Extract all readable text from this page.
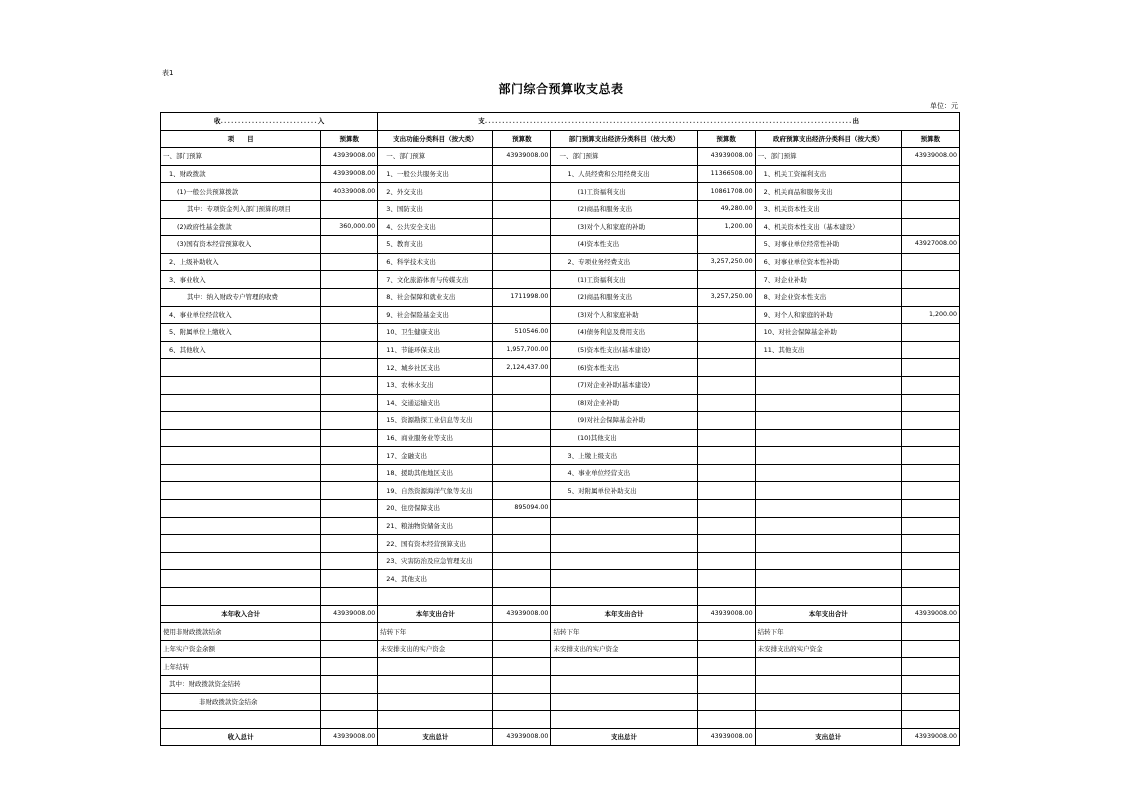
表1
部门综合预算收支总表
单位：元
收............................入		支..........................................................................................................出					
项　　目	预算数	支出功能分类科目（按大类）	预算数	部门预算支出经济分类科目（按大类）	预算数	政府预算支出经济分类科目（按大类）	预算数
一、部门预算	43939008.00	一、部门预算	43939008.00	一、部门预算	43939008.00	一、部门预算	43939008.00
1、财政拨款	43939008.00	1、一般公共服务支出		1、人员经费和公用经费支出	11366508.00	1、机关工资福利支出	
(1)一般公共预算拨款	40339008.00	2、外交支出		(1)工资福利支出	10861708.00	2、机关商品和服务支出	
其中：专项资金列入部门预算的项目		3、国防支出		(2)商品和服务支出	49,280.00	3、机关资本性支出	
(2)政府性基金拨款	360,000.00	4、公共安全支出		(3)对个人和家庭的补助	1,200.00	4、机关资本性支出（基本建设）	
(3)国有资本经营预算收入		5、教育支出		(4)资本性支出		5、对事业单位经常性补助	43927008.00
2、上级补助收入		6、科学技术支出		2、专项业务经费支出	3,257,250.00	6、对事业单位资本性补助	
3、事业收入		7、文化旅游体育与传媒支出		(1)工资福利支出		7、对企业补助	
其中：纳入财政专户管理的收费		8、社会保障和就业支出	1711998.00	(2)商品和服务支出	3,257,250.00	8、对企业资本性支出	
4、事业单位经营收入		9、社会保险基金支出		(3)对个人和家庭补助		9、对个人和家庭的补助	1,200.00
5、附属单位上缴收入		10、卫生健康支出	510546.00	(4)债务利息及费用支出		10、对社会保障基金补助	
6、其他收入		11、节能环保支出	1,957,700.00	(5)资本性支出(基本建设)		11、其他支出	
		12、城乡社区支出	2,124,437.00	(6)资本性支出			
		13、农林水支出		(7)对企业补助(基本建设)			
		14、交通运输支出		(8)对企业补助			
		15、资源勘探工业信息等支出		(9)对社会保障基金补助			
		16、商业服务业等支出		(10)其他支出			
		17、金融支出		3、上缴上级支出			
		18、援助其他地区支出		4、事业单位经营支出			
		19、自然资源海洋气象等支出		5、对附属单位补助支出			
		20、住房保障支出	895094.00				
		21、粮油物资储备支出					
		22、国有资本经营预算支出					
		23、灾害防治及应急管理支出					
		24、其他支出					

本年收入合计	43939008.00	本年支出合计	43939008.00	本年支出合计	43939008.00	本年支出合计	43939008.00
使用非财政拨款结余		结转下年		结转下年		结转下年	
上年实户资金余额		未安排支出的实户资金		未安排支出的实户资金		未安排支出的实户资金	
上年结转							
其中：财政拨款资金结转							
非财政拨款资金结余							

收入总计	43939008.00	支出总计	43939008.00	支出总计	43939008.00	支出总计	43939008.00
